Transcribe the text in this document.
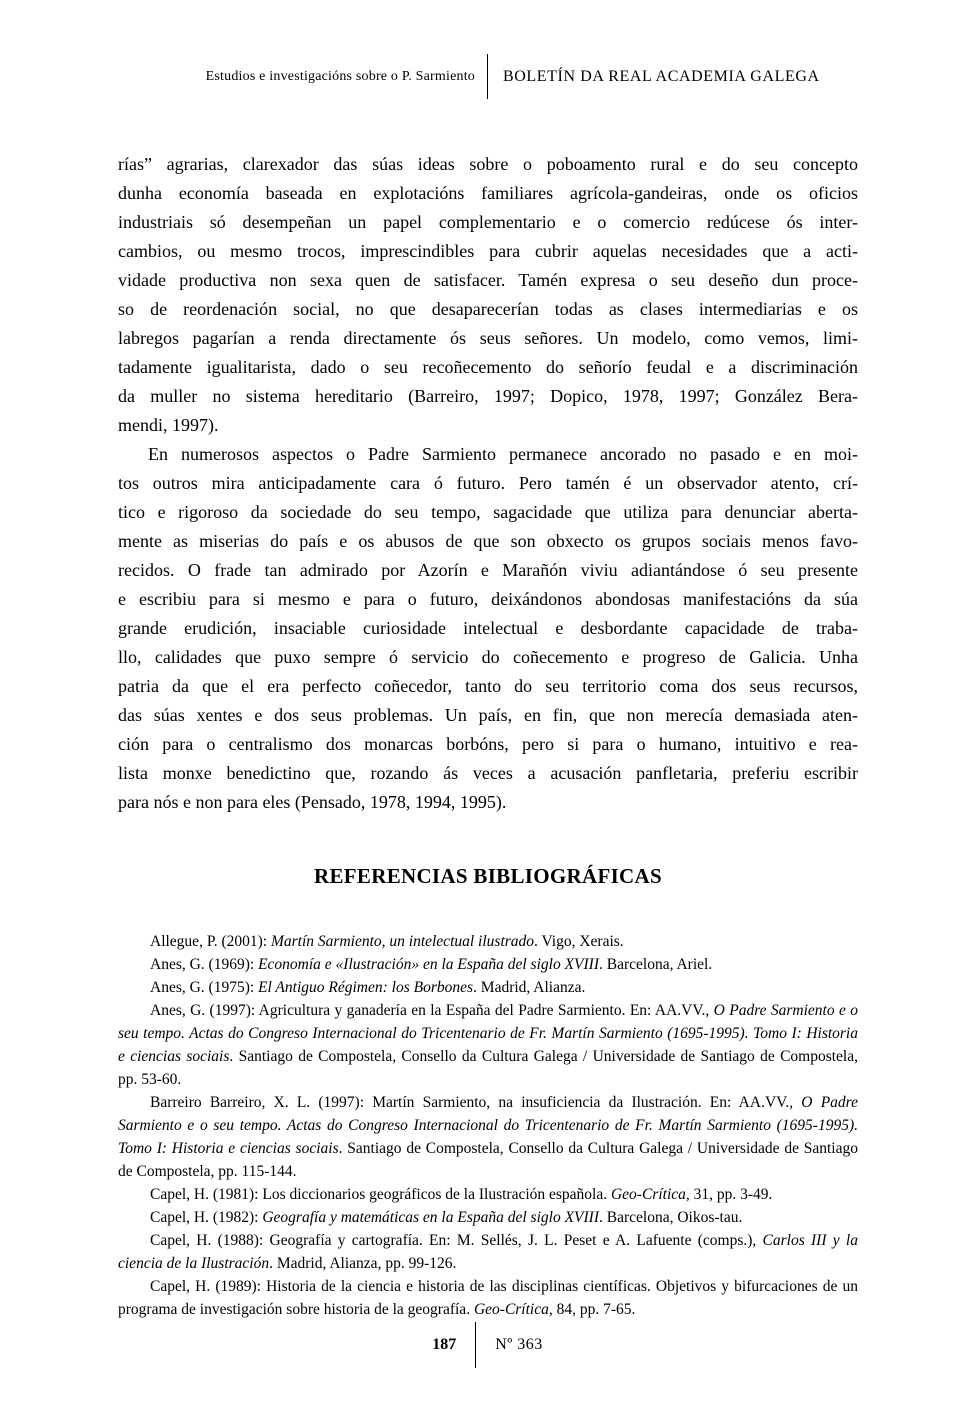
Estudios e investigacións sobre o P. Sarmiento	BOLETÍN DA REAL ACADEMIA GALEGA
rías” agrarias, clarexador das súas ideas sobre o poboamento rural e do seu concepto
dunha economía baseada en explotacións familiares agrícola-gandeiras, onde os oficios
industriais só desempeñan un papel complementario e o comercio redúcese ós inter-
cambios, ou mesmo trocos, imprescindibles para cubrir aquelas necesidades que a acti-
vidade productiva non sexa quen de satisfacer. Tamén expresa o seu deseño dun proce-
so de reordenación social, no que desaparecerían todas as clases intermediarias e os
labregos pagarían a renda directamente ós seus señores. Un modelo, como vemos, limi-
tadamente igualitarista, dado o seu recoñecemento do señorío feudal e a discriminación
da muller no sistema hereditario (Barreiro, 1997; Dopico, 1978, 1997; González Bera-
mendi, 1997).
En numerosos aspectos o Padre Sarmiento permanece ancorado no pasado e en moi-
tos outros mira anticipadamente cara ó futuro. Pero tamén é un observador atento, crí-
tico e rigoroso da sociedade do seu tempo, sagacidade que utiliza para denunciar aberta-
mente as miserias do país e os abusos de que son obxecto os grupos sociais menos favo-
recidos. O frade tan admirado por Azorín e Marañón viviu adiantándose ó seu presente
e escribiu para si mesmo e para o futuro, deixándonos abondosas manifestacións da súa
grande erudición, insaciable curiosidade intelectual e desbordante capacidade de traba-
llo, calidades que puxo sempre ó servicio do coñecemento e progreso de Galicia. Unha
patria da que el era perfecto coñecedor, tanto do seu territorio coma dos seus recursos,
das súas xentes e dos seus problemas. Un país, en fin, que non merecía demasiada aten-
ción para o centralismo dos monarcas borbóns, pero si para o humano, intuitivo e rea-
lista monxe benedictino que, rozando ás veces a acusación panfletaria, preferiu escribir
para nós e non para eles (Pensado, 1978, 1994, 1995).
REFERENCIAS BIBLIOGRÁFICAS

Allegue, P. (2001): Martín Sarmiento, un intelectual ilustrado. Vigo, Xerais.

Anes, G. (1969): Economía e «Ilustración» en la España del siglo XVIII. Barcelona, Ariel.

Anes, G. (1975): El Antiguo Régimen: los Borbones. Madrid, Alianza.

Anes, G. (1997): Agricultura y ganadería en la España del Padre Sarmiento. En: AA.VV., O Padre Sarmiento e o seu tempo. Actas do Congreso Internacional do Tricentenario de Fr. Martín Sarmiento (1695-1995). Tomo I: Historia e ciencias sociais. Santiago de Compostela, Consello da Cultura Galega / Universidade de Santiago de Compostela, pp. 53-60.

Barreiro Barreiro, X. L. (1997): Martín Sarmiento, na insuficiencia da Ilustración. En: AA.VV., O Padre Sarmiento e o seu tempo. Actas do Congreso Internacional do Tricentenario de Fr. Martín Sarmiento (1695-1995). Tomo I: Historia e ciencias sociais. Santiago de Compostela, Consello da Cultura Galega / Universidade de Santiago de Compostela, pp. 115-144.

Capel, H. (1981): Los diccionarios geográficos de la Ilustración española. Geo-Crítica, 31, pp. 3-49.

Capel, H. (1982): Geografía y matemáticas en la España del siglo XVIII. Barcelona, Oikos-tau.

Capel, H. (1988): Geografía y cartografía. En: M. Sellés, J. L. Peset e A. Lafuente (comps.), Carlos III y la ciencia de la Ilustración. Madrid, Alianza, pp. 99-126.

Capel, H. (1989): Historia de la ciencia e historia de las disciplinas científicas. Objetivos y bifurcaciones de un programa de investigación sobre historia de la geografía. Geo-Crítica, 84, pp. 7-65.

187	Nº 363
